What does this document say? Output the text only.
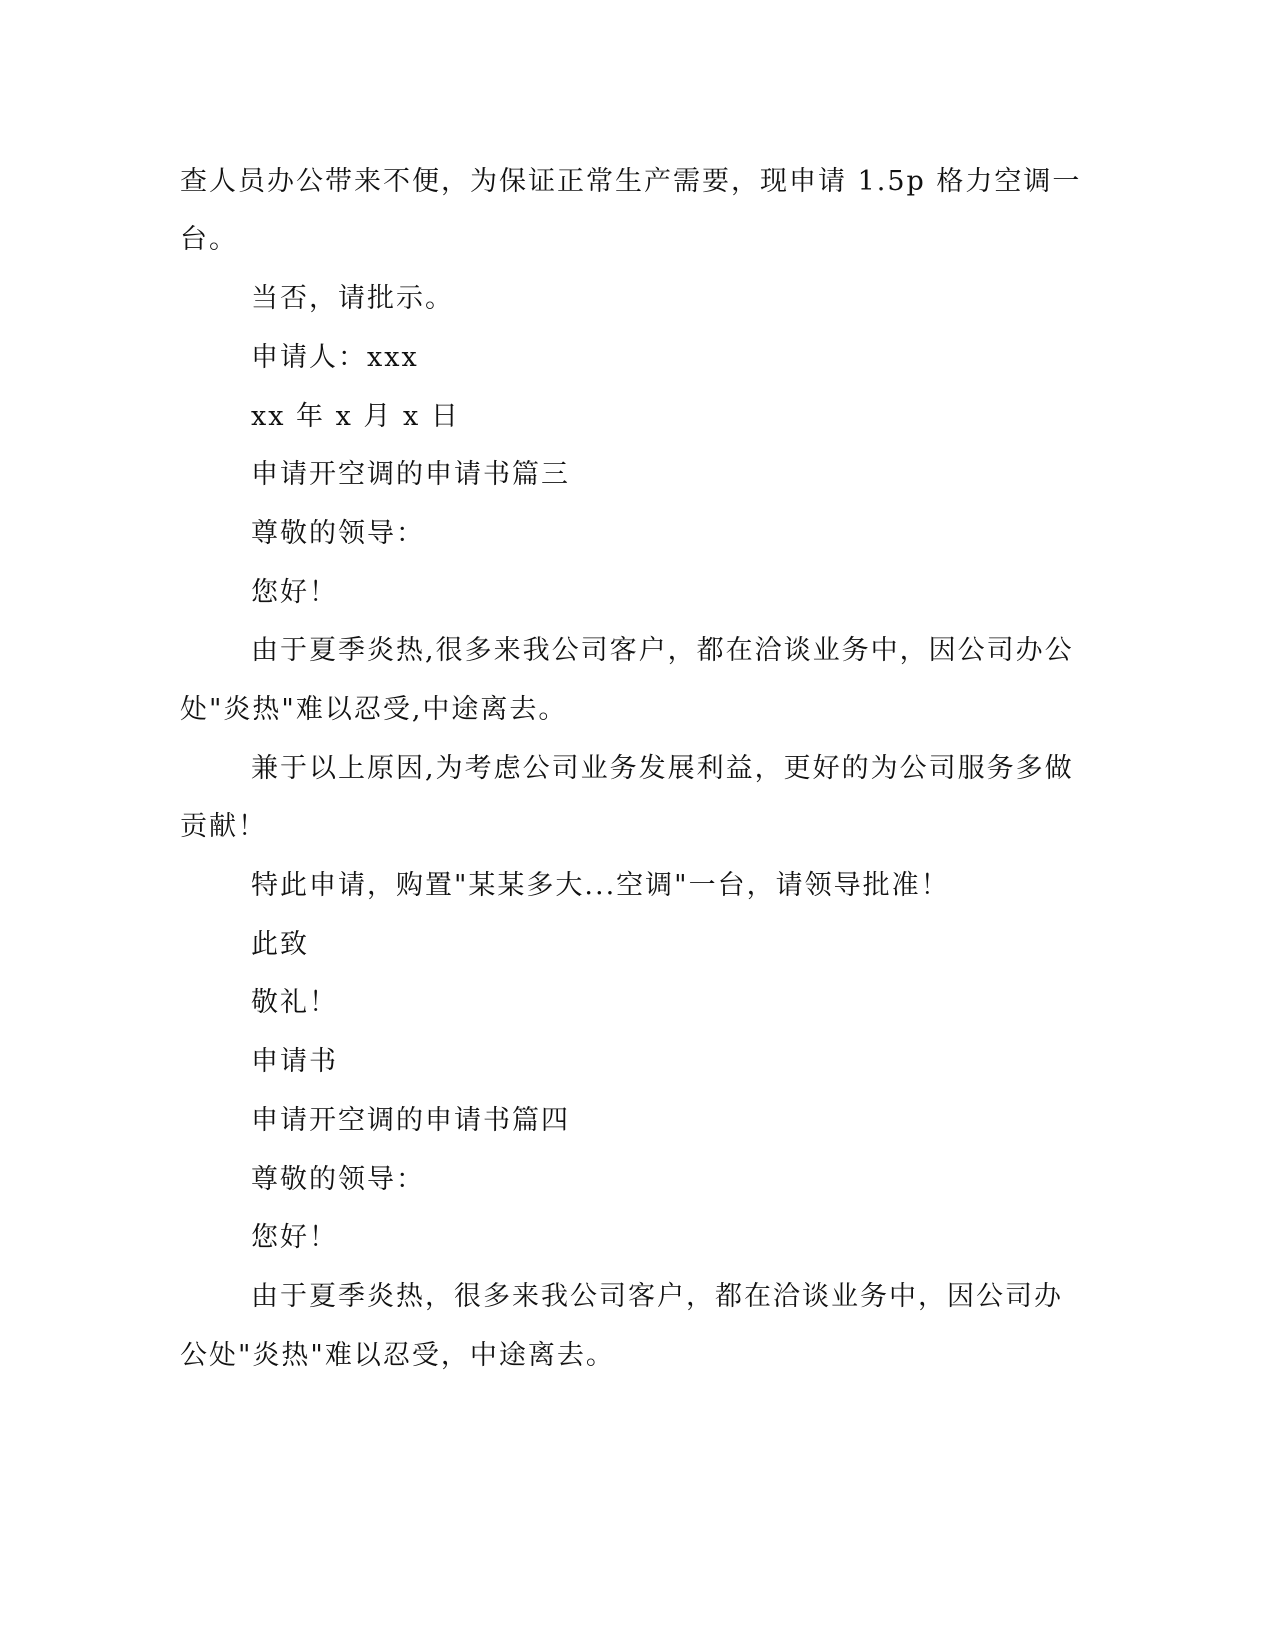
查人员办公带来不便，为保证正常生产需要，现申请 1.5p 格力空调一

台。

当否，请批示。

申请人：xxx

xx 年 x 月 x 日

申请开空调的申请书篇三

尊敬的领导：

您好！

由于夏季炎热,很多来我公司客户，都在洽谈业务中，因公司办公

处"炎热"难以忍受,中途离去。

兼于以上原因,为考虑公司业务发展利益，更好的为公司服务多做

贡献！

特此申请，购置"某某多大...空调"一台，请领导批准！

此致

敬礼！

申请书

申请开空调的申请书篇四

尊敬的领导：

您好！

由于夏季炎热，很多来我公司客户，都在洽谈业务中，因公司办

公处"炎热"难以忍受，中途离去。
